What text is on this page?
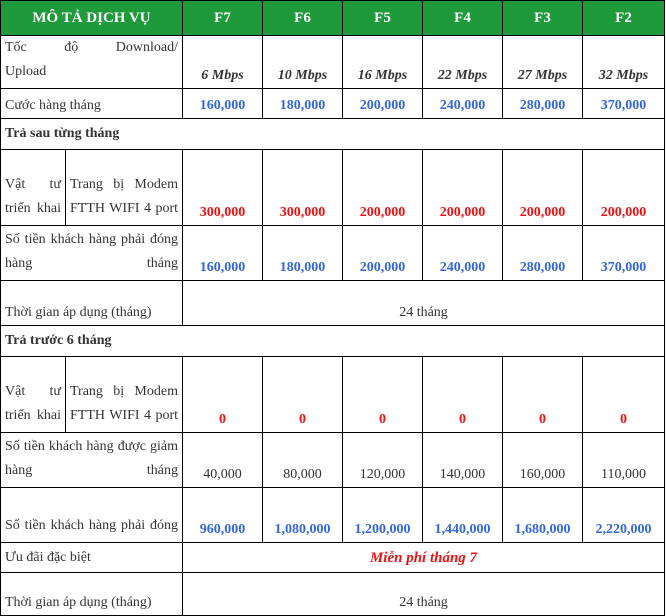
MÔ TẢ DỊCH VỤ		F7	F6	F5	F4	F3	F2

Tốc độ Download/
Upload		6 Mbps	10 Mbps	16 Mbps	22 Mbps	27 Mbps	32 Mbps
Cước hàng tháng		160,000	180,000	200,000	240,000	280,000	370,000
Trả sau từng tháng							
Vật tư triển khai	Trang bị Modem FTTH WIFI 4 port	300,000	300,000	200,000	200,000	200,000	200,000
Số tiền khách hàng phải đóng hàng tháng		160,000	180,000	200,000	240,000	280,000	370,000
Thời gian áp dụng (tháng)		24 tháng					
Trả trước 6 tháng							
Vật tư triển khai	Trang bị Modem FTTH WIFI 4 port	0	0	0	0	0	0
Số tiền khách hàng được giảm hàng tháng		40,000	80,000	120,000	140,000	160,000	110,000
Số tiền khách hàng phải đóng		960,000	1,080,000	1,200,000	1,440,000	1,680,000	2,220,000
Ưu đãi đặc biệt		Miễn phí tháng 7					
Thời gian áp dụng (tháng)		24 tháng					
